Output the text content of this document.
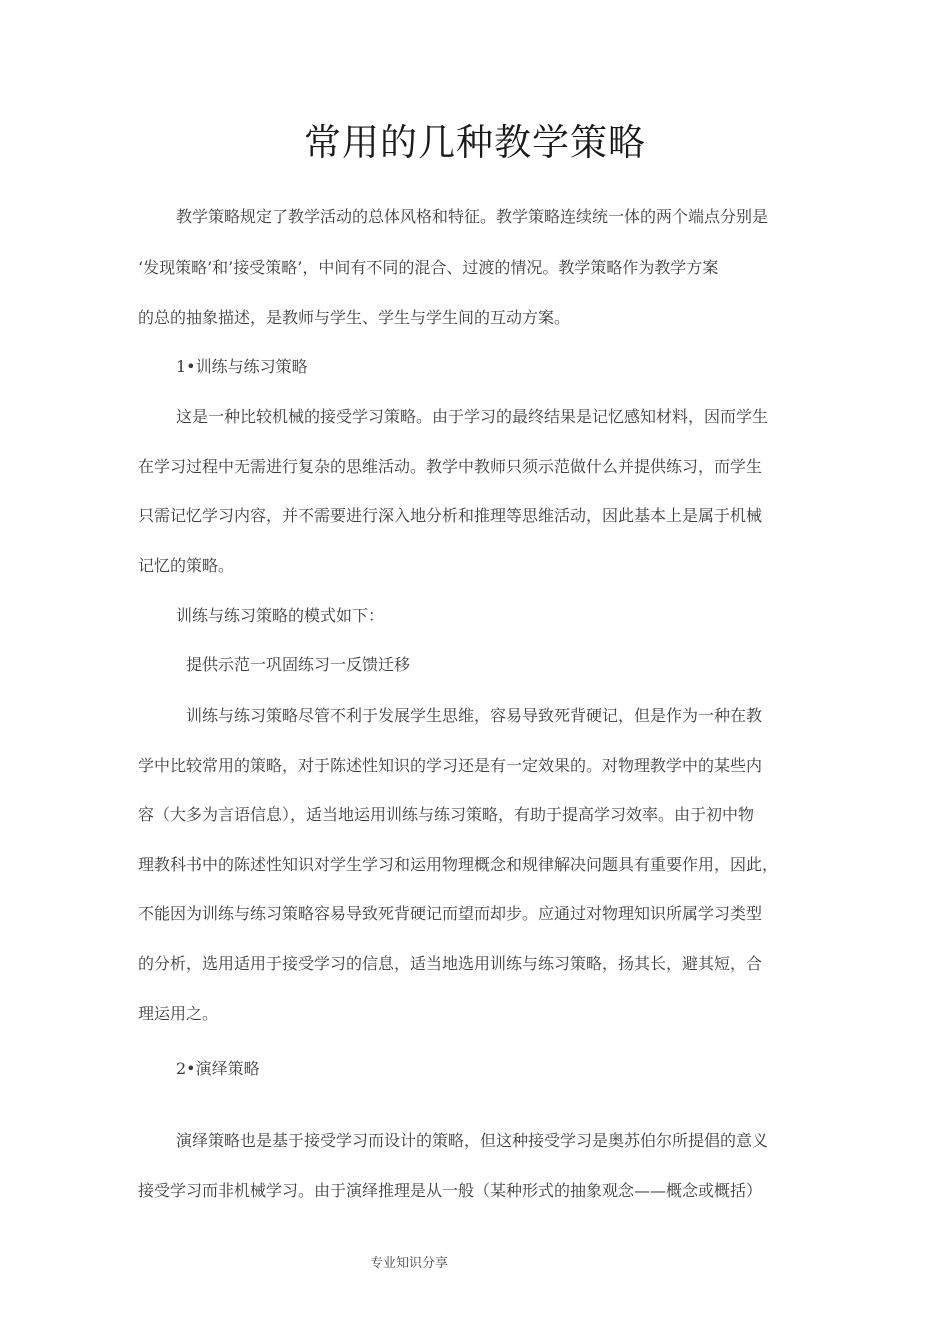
常用的几种教学策略
教学策略规定了教学活动的总体风格和特征。教学策略连续统一体的两个端点分别是
‘发现策略’和’接受策略’，中间有不同的混合、过渡的情况。教学策略作为教学方案
的总的抽象描述，是教师与学生、学生与学生间的互动方案。
1•训练与练习策略
这是一种比较机械的接受学习策略。由于学习的最终结果是记忆感知材料，因而学生
在学习过程中无需进行复杂的思维活动。教学中教师只须示范做什么并提供练习，而学生
只需记忆学习内容，并不需要进行深入地分析和推理等思维活动，因此基本上是属于机械
记忆的策略。
训练与练习策略的模式如下：
提供示范一巩固练习一反馈迁移
训练与练习策略尽管不利于发展学生思维，容易导致死背硬记，但是作为一种在教
学中比较常用的策略，对于陈述性知识的学习还是有一定效果的。对物理教学中的某些内
容（大多为言语信息），适当地运用训练与练习策略，有助于提高学习效率。由于初中物
理教科书中的陈述性知识对学生学习和运用物理概念和规律解决问题具有重要作用，因此，
不能因为训练与练习策略容易导致死背硬记而望而却步。应通过对物理知识所属学习类型
的分析，选用适用于接受学习的信息，适当地选用训练与练习策略，扬其长，避其短，合
理运用之。
2•演绎策略
演绎策略也是基于接受学习而设计的策略，但这种接受学习是奥苏伯尔所提倡的意义
接受学习而非机械学习。由于演绎推理是从一般（某种形式的抽象观念——概念或概括）
专业知识分享
